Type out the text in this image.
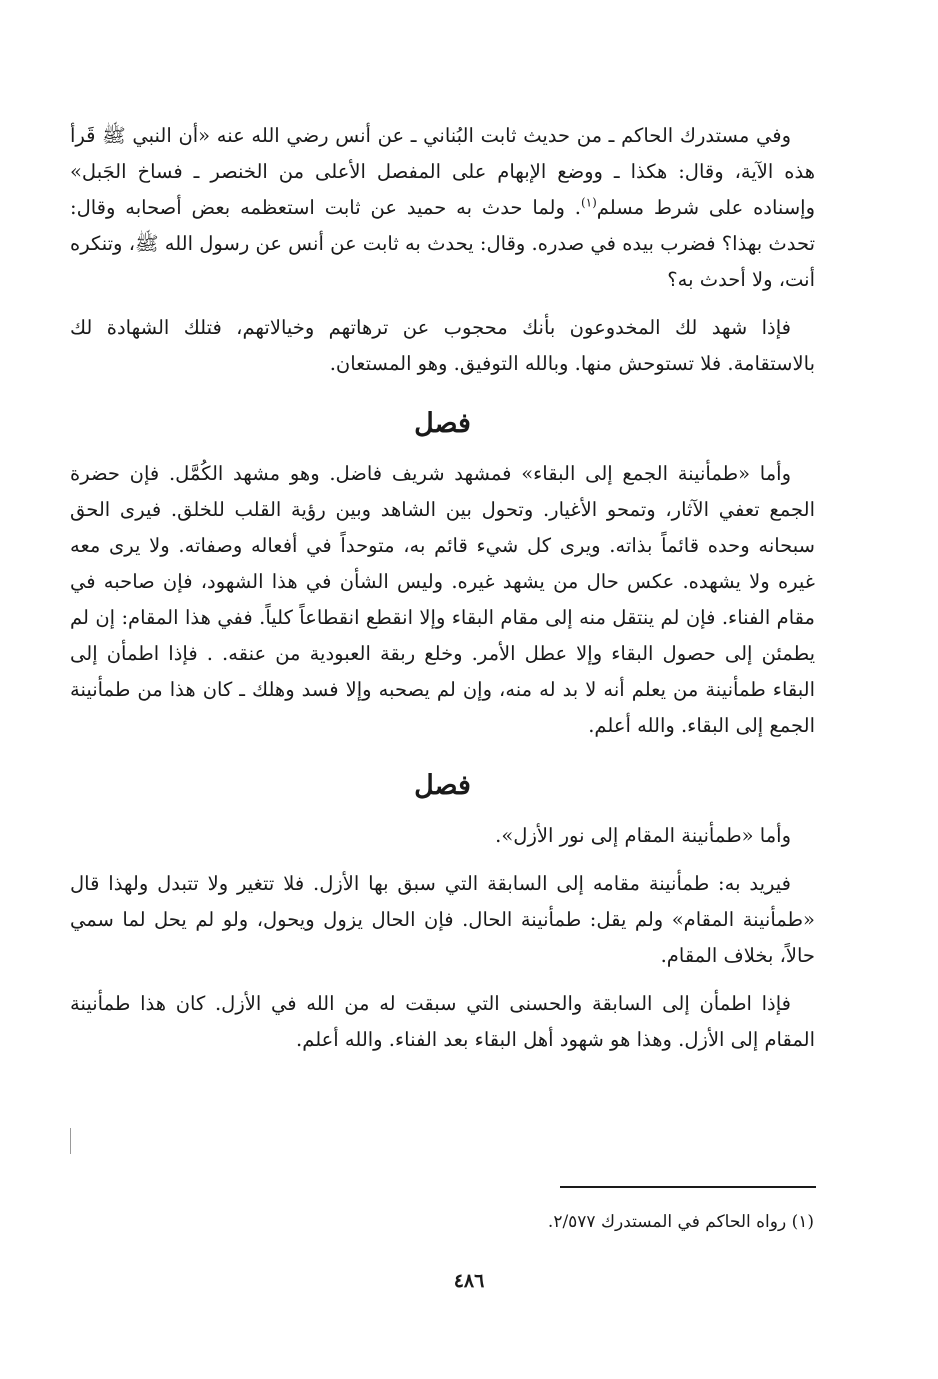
وفي مستدرك الحاكم ـ من حديث ثابت البُناني ـ عن أنس رضي الله عنه «أن النبي ﷺ قَرأ هذه الآية، وقال: هكذا ـ ووضع الإبهام على المفصل الأعلى من الخنصر ـ فساخ الجَبل» وإسناده على شرط مسلم$^{(١)}$. ولما حدث به حميد عن ثابت استعظمه بعض أصحابه وقال: تحدث بهذا؟ فضرب بيده في صدره. وقال: يحدث به ثابت عن أنس عن رسول الله ﷺ، وتنكره أنت، ولا أحدث به؟

فإذا شهد لك المخدوعون بأنك محجوب عن ترهاتهم وخيالاتهم، فتلك الشهادة لك بالاستقامة. فلا تستوحش منها. وبالله التوفيق. وهو المستعان.

فصل

وأما «طمأنينة الجمع إلى البقاء» فمشهد شريف فاضل. وهو مشهد الكُمَّل. فإن حضرة الجمع تعفي الآثار، وتمحو الأغيار. وتحول بين الشاهد وبين رؤية القلب للخلق. فيرى الحق سبحانه وحده قائماً بذاته. ويرى كل شيء قائم به، متوحداً في أفعاله وصفاته. ولا يرى معه غيره ولا يشهده. عكس حال من يشهد غيره. وليس الشأن في هذا الشهود، فإن صاحبه في مقام الفناء. فإن لم ينتقل منه إلى مقام البقاء وإلا انقطع انقطاعاً كلياً. ففي هذا المقام: إن لم يطمئن إلى حصول البقاء وإلا عطل الأمر. وخلع ربقة العبودية من عنقه. . فإذا اطمأن إلى البقاء طمأنينة من يعلم أنه لا بد له منه، وإن لم يصحبه وإلا فسد وهلك ـ كان هذا من طمأنينة الجمع إلى البقاء. والله أعلم.

فصل

وأما «طمأنينة المقام إلى نور الأزل».

فيريد به: طمأنينة مقامه إلى السابقة التي سبق بها الأزل. فلا تتغير ولا تتبدل ولهذا قال «طمأنينة المقام» ولم يقل: طمأنينة الحال. فإن الحال يزول ويحول، ولو لم يحل لما سمي حالاً، بخلاف المقام.

فإذا اطمأن إلى السابقة والحسنى التي سبقت له من الله في الأزل. كان هذا طمأنينة المقام إلى الأزل. وهذا هو شهود أهل البقاء بعد الفناء. والله أعلم.

(١) رواه الحاكم في المستدرك ٢/٥٧٧.
٤٨٦
